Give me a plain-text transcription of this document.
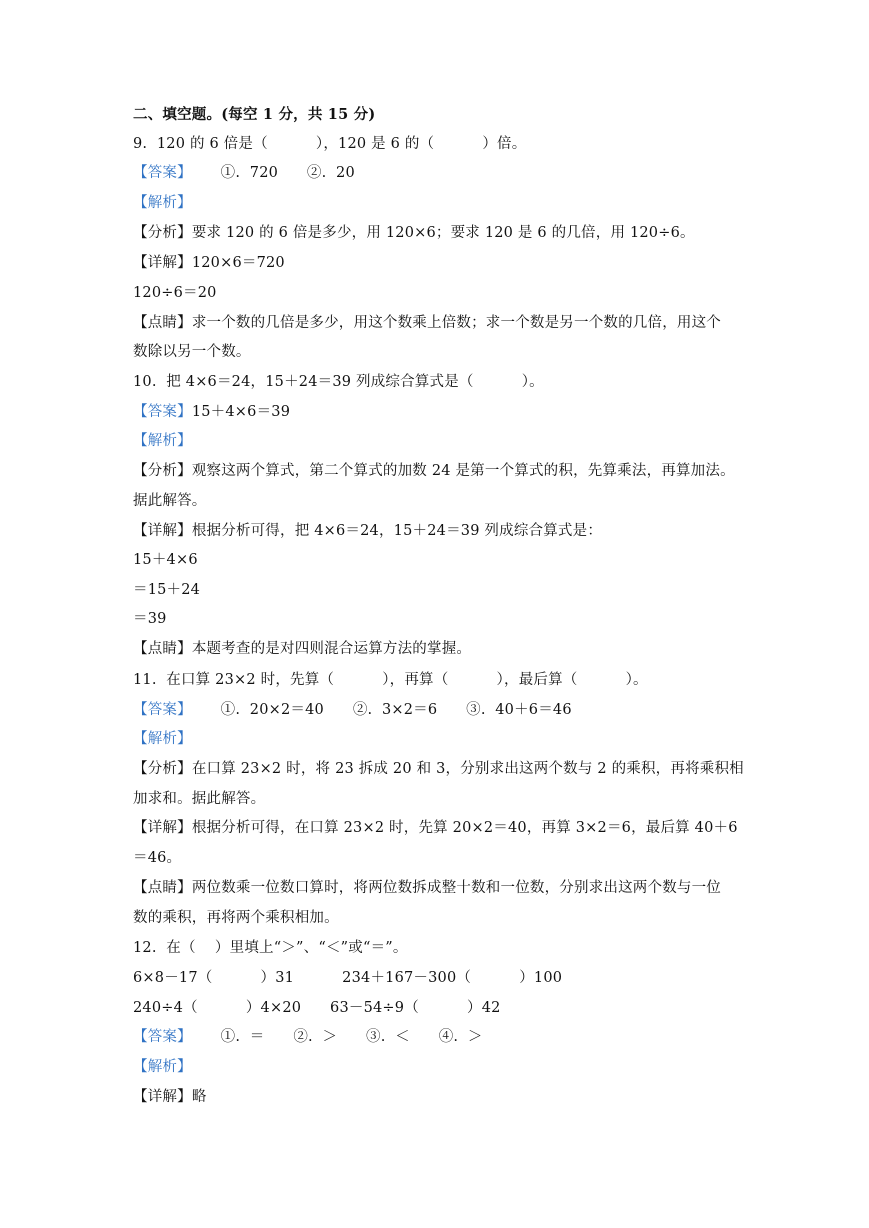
二、填空题。(每空 1 分，共 15 分)
9.  120 的 6 倍是（          ），120 是 6 的（          ）倍。
【答案】      ①.  720      ②.  20
【解析】
【分析】要求 120 的 6 倍是多少，用 120×6；要求 120 是 6 的几倍，用 120÷6。
【详解】120×6＝720
120÷6＝20
【点睛】求一个数的几倍是多少，用这个数乘上倍数；求一个数是另一个数的几倍，用这个
数除以另一个数。
10.  把 4×6＝24，15＋24＝39 列成综合算式是（          ）。
【答案】15＋4×6＝39
【解析】
【分析】观察这两个算式，第二个算式的加数 24 是第一个算式的积，先算乘法，再算加法。
据此解答。
【详解】根据分析可得，把 4×6＝24，15＋24＝39 列成综合算式是：
15＋4×6
＝15＋24
＝39
【点睛】本题考查的是对四则混合运算方法的掌握。
11.  在口算 23×2 时，先算（          ），再算（          ），最后算（          ）。
【答案】      ①.  20×2＝40      ②.  3×2＝6      ③.  40＋6＝46
【解析】
【分析】在口算 23×2 时，将 23 拆成 20 和 3，分别求出这两个数与 2 的乘积，再将乘积相
加求和。据此解答。
【详解】根据分析可得，在口算 23×2 时，先算 20×2＝40，再算 3×2＝6，最后算 40＋6
＝46。
【点睛】两位数乘一位数口算时，将两位数拆成整十数和一位数，分别求出这两个数与一位
数的乘积，再将两个乘积相加。
12.  在（    ）里填上“＞”、“＜”或“＝”。
6×8－17（          ）31          234＋167－300（          ）100
240÷4（          ）4×20      63－54÷9（          ）42
【答案】      ①.  ＝      ②.  ＞      ③.  ＜      ④.  ＞
【解析】
【详解】略
